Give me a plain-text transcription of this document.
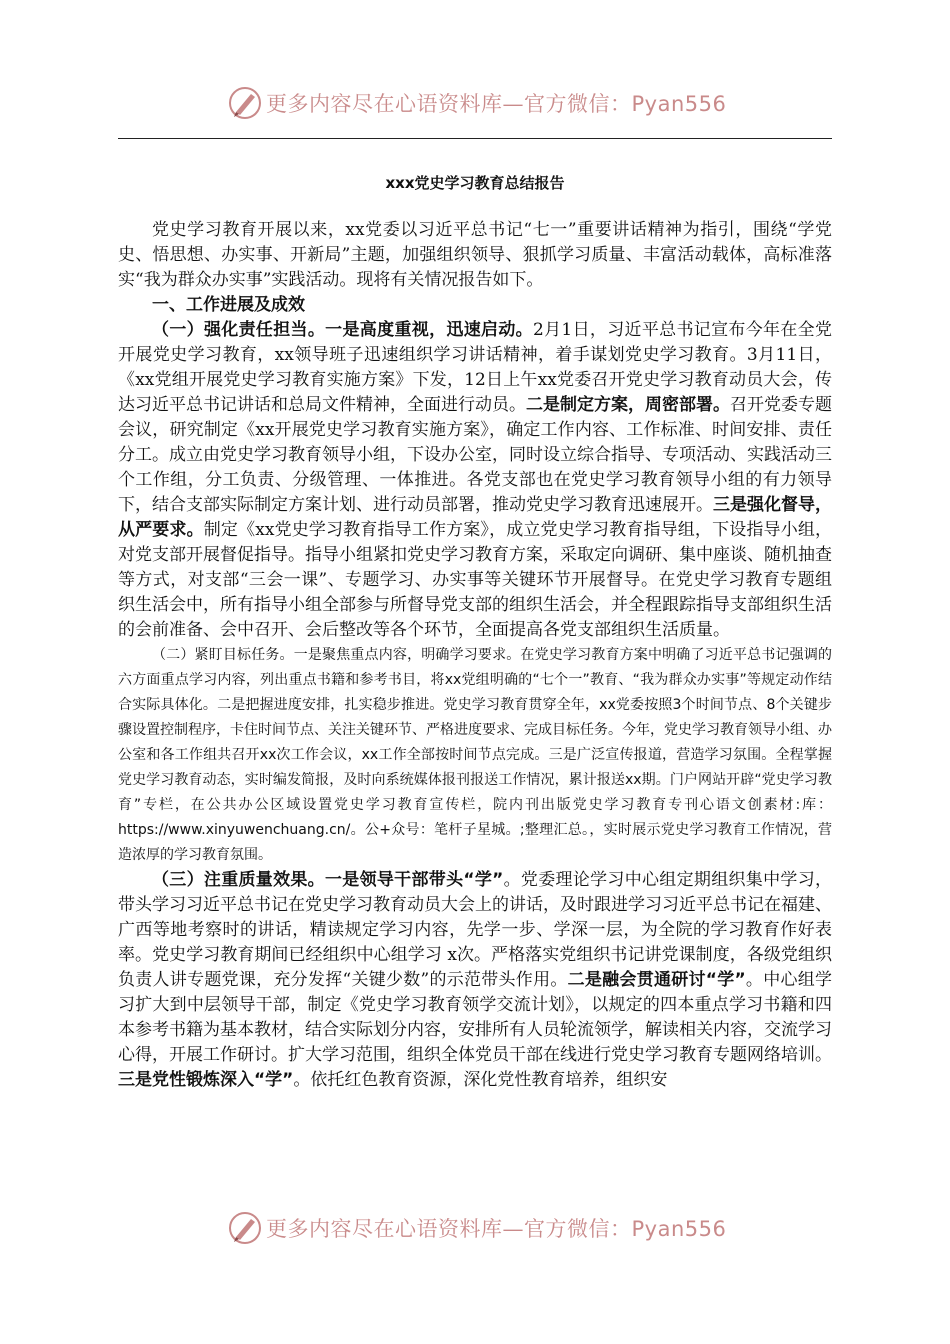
更多内容尽在心语资料库—官方微信：Pyan556
xxx党史学习教育总结报告

党史学习教育开展以来，xx党委以习近平总书记“七一”重要讲话精神为指引，围绕“学党史、悟思想、办实事、开新局”主题，加强组织领导、狠抓学习质量、丰富活动载体，高标准落实“我为群众办实事”实践活动。现将有关情况报告如下。

一、工作进展及成效

（一）强化责任担当。一是高度重视，迅速启动。2月1日，习近平总书记宣布今年在全党开展党史学习教育，xx领导班子迅速组织学习讲话精神，着手谋划党史学习教育。3月11日，《xx党组开展党史学习教育实施方案》下发，12日上午xx党委召开党史学习教育动员大会，传达习近平总书记讲话和总局文件精神，全面进行动员。二是制定方案，周密部署。召开党委专题会议，研究制定《xx开展党史学习教育实施方案》，确定工作内容、工作标准、时间安排、责任分工。成立由党史学习教育领导小组，下设办公室，同时设立综合指导、专项活动、实践活动三个工作组，分工负责、分级管理、一体推进。各党支部也在党史学习教育领导小组的有力领导下，结合支部实际制定方案计划、进行动员部署，推动党史学习教育迅速展开。三是强化督导，从严要求。制定《xx党史学习教育指导工作方案》，成立党史学习教育指导组，下设指导小组，对党支部开展督促指导。指导小组紧扣党史学习教育方案，采取定向调研、集中座谈、随机抽查等方式，对支部“三会一课”、专题学习、办实事等关键环节开展督导。在党史学习教育专题组织生活会中，所有指导小组全部参与所督导党支部的组织生活会，并全程跟踪指导支部组织生活的会前准备、会中召开、会后整改等各个环节，全面提高各党支部组织生活质量。

（二）紧盯目标任务。一是聚焦重点内容，明确学习要求。在党史学习教育方案中明确了习近平总书记强调的六方面重点学习内容，列出重点书籍和参考书目，将xx党组明确的“七个一”教育、“我为群众办实事”等规定动作结合实际具体化。二是把握进度安排，扎实稳步推进。党史学习教育贯穿全年，xx党委按照3个时间节点、8个关键步骤设置控制程序，卡住时间节点、关注关键环节、严格进度要求、完成目标任务。今年，党史学习教育领导小组、办公室和各工作组共召开xx次工作会议，xx工作全部按时间节点完成。三是广泛宣传报道，营造学习氛围。全程掌握党史学习教育动态，实时编发简报，及时向系统媒体报刊报送工作情况，累计报送xx期。门户网站开辟“党史学习教育”专栏，在公共办公区域设置党史学习教育宣传栏，院内刊出版党史学习教育专刊心语文创素材:库：https://www.xinyuwenchuang.cn/。公+众号：笔杆子星城。;整理汇总。，实时展示党史学习教育工作情况，营造浓厚的学习教育氛围。

（三）注重质量效果。一是领导干部带头“学”。党委理论学习中心组定期组织集中学习，带头学习习近平总书记在党史学习教育动员大会上的讲话，及时跟进学习习近平总书记在福建、广西等地考察时的讲话，精读规定学习内容，先学一步、学深一层，为全院的学习教育作好表率。党史学习教育期间已经组织中心组学习 x次。严格落实党组织书记讲党课制度，各级党组织负责人讲专题党课，充分发挥“关键少数”的示范带头作用。二是融会贯通研讨“学”。中心组学习扩大到中层领导干部，制定《党史学习教育领学交流计划》，以规定的四本重点学习书籍和四本参考书籍为基本教材，结合实际划分内容，安排所有人员轮流领学，解读相关内容，交流学习心得，开展工作研讨。扩大学习范围，组织全体党员干部在线进行党史学习教育专题网络培训。三是党性锻炼深入“学”。依托红色教育资源，深化党性教育培养，组织安

更多内容尽在心语资料库—官方微信：Pyan556
